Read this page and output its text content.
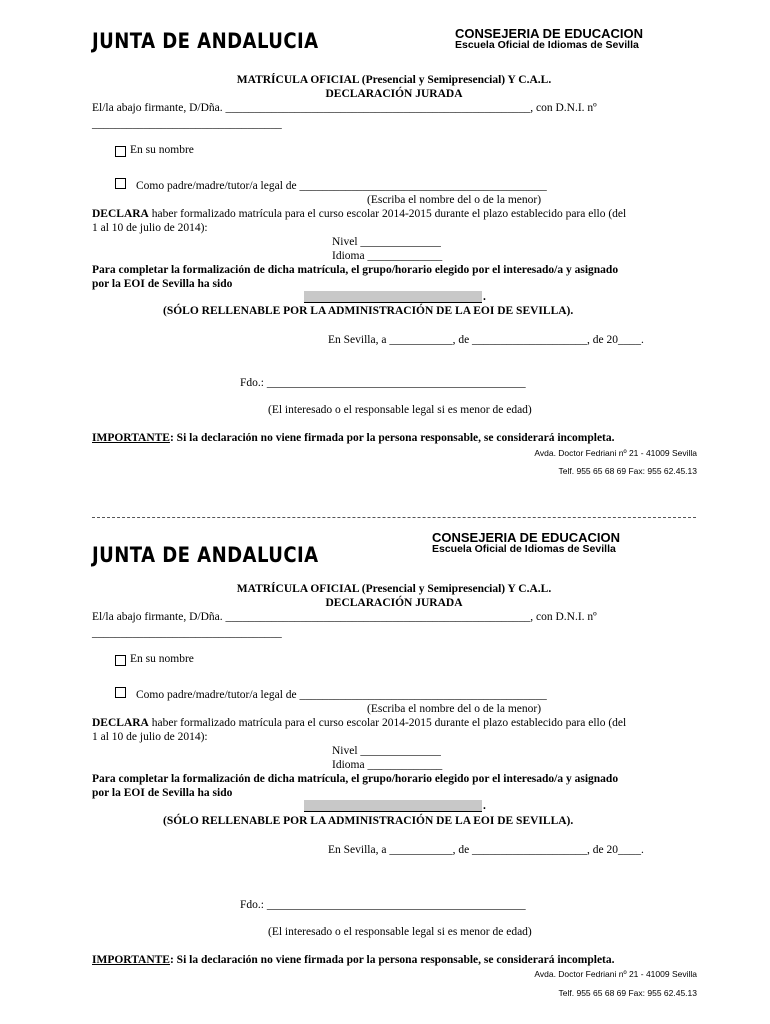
JUNTA DE ANDALUCIA	CONSEJERIA DE EDUCACION
Escuela Oficial de Idiomas de Sevilla
MATRÍCULA OFICIAL (Presencial y Semipresencial) Y C.A.L.
DECLARACIÓN JURADA
El/la abajo firmante, D/Dña. _____________________________________________________, con D.N.I. nº
_________________________________
En su nombre
Como padre/madre/tutor/a legal de ___________________________________________
(Escriba el nombre del o de la menor)
DECLARA haber formalizado matrícula para el curso escolar 2014-2015 durante el plazo establecido para ello (del
1 al 10 de julio de 2014):
Nivel ______________
Idioma _____________
Para completar la formalización de dicha matrícula, el grupo/horario elegido por el interesado/a y asignado
por la EOI de Sevilla ha sido
.
(SÓLO RELLENABLE POR LA ADMINISTRACIÓN DE LA EOI DE SEVILLA).
En Sevilla, a ___________, de ____________________, de 20____.
Fdo.: _____________________________________________
(El interesado o el responsable legal si es menor de edad)
IMPORTANTE: Si la declaración no viene firmada por la persona responsable, se considerará incompleta.
Avda. Doctor Fedriani nº 21 - 41009 Sevilla
Telf. 955 65 68 69 Fax: 955 62.45.13
JUNTA DE ANDALUCIA
CONSEJERIA DE EDUCACION
Escuela Oficial de Idiomas de Sevilla
MATRÍCULA OFICIAL (Presencial y Semipresencial) Y C.A.L.
DECLARACIÓN JURADA
El/la abajo firmante, D/Dña. _____________________________________________________, con D.N.I. nº
_________________________________
En su nombre
Como padre/madre/tutor/a legal de ___________________________________________
(Escriba el nombre del o de la menor)
DECLARA haber formalizado matrícula para el curso escolar 2014-2015 durante el plazo establecido para ello (del
1 al 10 de julio de 2014):
Nivel ______________
Idioma _____________
Para completar la formalización de dicha matrícula, el grupo/horario elegido por el interesado/a y asignado
por la EOI de Sevilla ha sido
.
(SÓLO RELLENABLE POR LA ADMINISTRACIÓN DE LA EOI DE SEVILLA).
En Sevilla, a ___________, de ____________________, de 20____.
Fdo.: _____________________________________________
(El interesado o el responsable legal si es menor de edad)
IMPORTANTE: Si la declaración no viene firmada por la persona responsable, se considerará incompleta.
Avda. Doctor Fedriani nº 21 - 41009 Sevilla
Telf. 955 65 68 69 Fax: 955 62.45.13
